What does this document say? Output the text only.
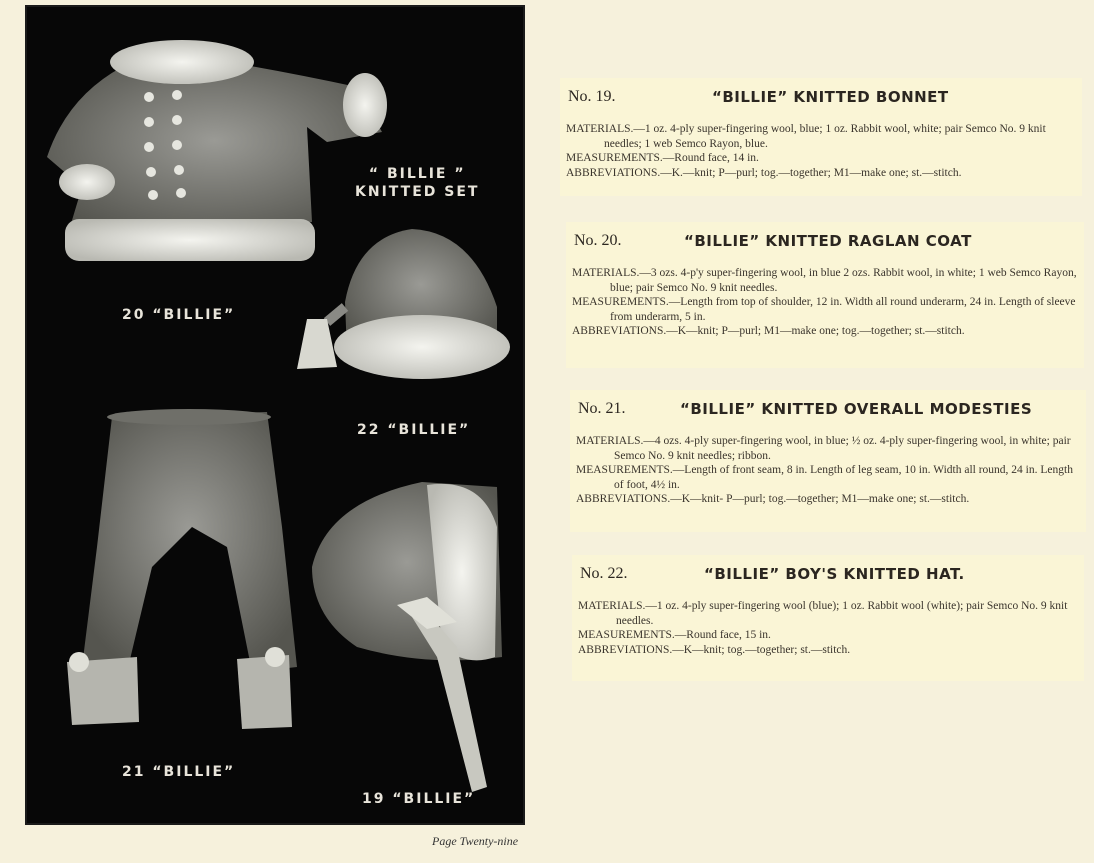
“ BILLIE ”
KNITTED SET
20 “BILLIE”
22 “BILLIE”
21 “BILLIE”
19 “BILLIE”
Page Twenty-nine
No. 19.	“BILLIE” KNITTED BONNET
MATERIALS.—1 oz. 4-ply super-fingering wool, blue; 1 oz. Rabbit wool, white; pair Semco No. 9 knit needles; 1 web Semco Rayon, blue.
MEASUREMENTS.—Round face, 14 in.
ABBREVIATIONS.—K.—knit; P—purl; tog.—together; M1—make one; st.—stitch.
No. 20.	“BILLIE” KNITTED RAGLAN COAT
MATERIALS.—3 ozs. 4-p'y super-fingering wool, in blue 2 ozs. Rabbit wool, in white; 1 web Semco Rayon, blue; pair Semco No. 9 knit needles.
MEASUREMENTS.—Length from top of shoulder, 12 in. Width all round underarm, 24 in. Length of sleeve from underarm, 5 in.
ABBREVIATIONS.—K—knit; P—purl; M1—make one; tog.—together; st.—stitch.
No. 21.	“BILLIE” KNITTED OVERALL MODESTIES
MATERIALS.—4 ozs. 4-ply super-fingering wool, in blue; ½ oz. 4-ply super-fingering wool, in white; pair Semco No. 9 knit needles; ribbon.
MEASUREMENTS.—Length of front seam, 8 in. Length of leg seam, 10 in. Width all round, 24 in. Length of foot, 4½ in.
ABBREVIATIONS.—K—knit- P—purl; tog.—together; M1—make one; st.—stitch.
No. 22.	“BILLIE” BOY'S KNITTED HAT.
MATERIALS.—1 oz. 4-ply super-fingering wool (blue); 1 oz. Rabbit wool (white); pair Semco No. 9 knit needles.
MEASUREMENTS.—Round face, 15 in.
ABBREVIATIONS.—K—knit; tog.—together; st.—stitch.
